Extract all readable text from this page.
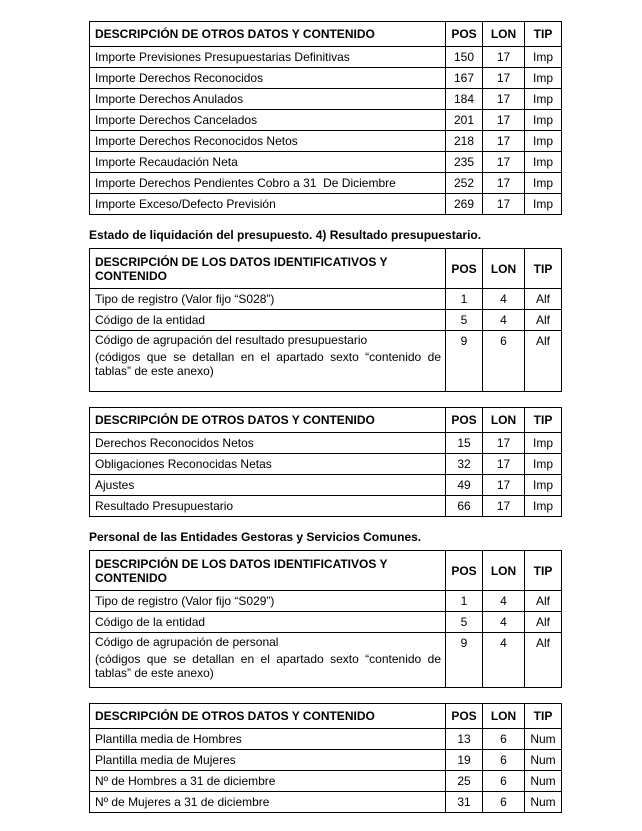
DESCRIPCIÓN DE OTROS DATOS Y CONTENIDO	POS	LON	TIP
Importe Previsiones Presupuestarias Definitivas	150	17	Imp
Importe Derechos Reconocidos	167	17	Imp
Importe Derechos Anulados	184	17	Imp
Importe Derechos Cancelados	201	17	Imp
Importe Derechos Reconocidos Netos	218	17	Imp
Importe Recaudación Neta	235	17	Imp
Importe Derechos Pendientes Cobro a 31  De Diciembre	252	17	Imp
Importe Exceso/Defecto Previsión	269	17	Imp

Estado de liquidación del presupuesto. 4) Resultado presupuestario.

DESCRIPCIÓN DE LOS DATOS IDENTIFICATIVOS Y CONTENIDO	POS	LON	TIP
Tipo de registro (Valor fijo “S028”)	1	4	Alf
Código de la entidad	5	4	Alf

Código de agrupación del resultado presupuestario
(códigos que se detallan en el apartado sexto “contenido de tablas” de este anexo)	9	6	Alf
DESCRIPCIÓN DE OTROS DATOS Y CONTENIDO	POS	LON	TIP
Derechos Reconocidos Netos	15	17	Imp
Obligaciones Reconocidas Netas	32	17	Imp
Ajustes	49	17	Imp
Resultado Presupuestario	66	17	Imp

Personal de las Entidades Gestoras y Servicios Comunes.

DESCRIPCIÓN DE LOS DATOS IDENTIFICATIVOS Y CONTENIDO	POS	LON	TIP
Tipo de registro (Valor fijo “S029”)	1	4	Alf
Código de la entidad	5	4	Alf

Código de agrupación de personal
(códigos que se detallan en el apartado sexto “contenido de tablas” de este anexo)	9	4	Alf
DESCRIPCIÓN DE OTROS DATOS Y CONTENIDO	POS	LON	TIP
Plantilla media de Hombres	13	6	Num
Plantilla media de Mujeres	19	6	Num
Nº de Hombres a 31 de diciembre	25	6	Num
Nº de Mujeres a 31 de diciembre	31	6	Num
